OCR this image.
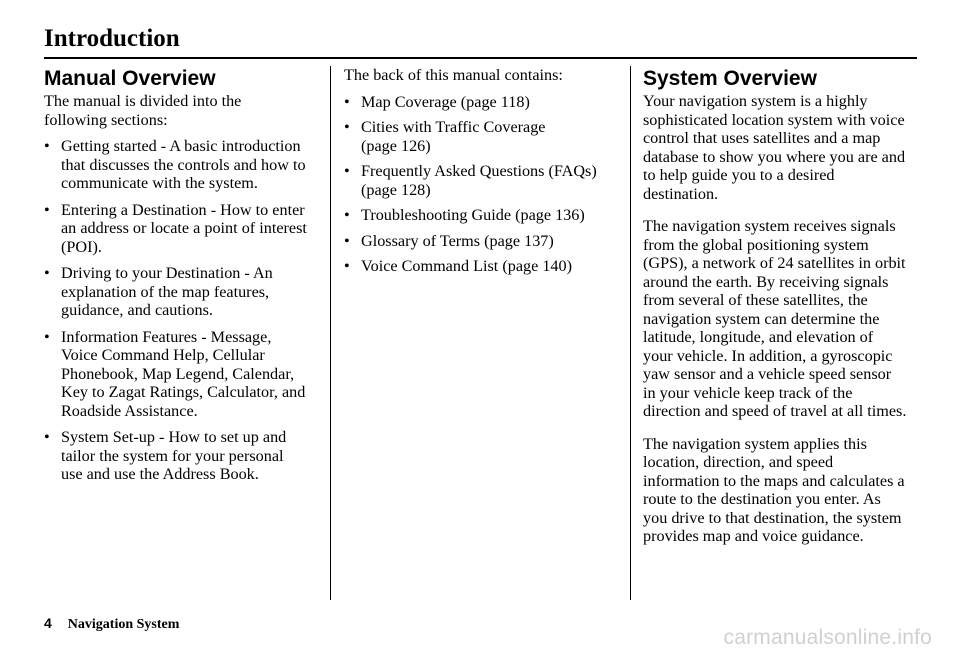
Introduction
Manual Overview
The manual is divided into the
following sections:
• Getting started - A basic introduction
that discusses the controls and how to
communicate with the system.
• Entering a Destination - How to enter
an address or locate a point of interest
(POI).
• Driving to your Destination - An
explanation of the map features,
guidance, and cautions.
• Information Features - Message,
Voice Command Help, Cellular
Phonebook, Map Legend, Calendar,
Key to Zagat Ratings, Calculator, and
Roadside Assistance.
• System Set-up - How to set up and
tailor the system for your personal
use and use the Address Book.
The back of this manual contains:
• Map Coverage (page 118)
• Cities with Traffic Coverage
(page 126)
• Frequently Asked Questions (FAQs)
(page 128)
• Troubleshooting Guide (page 136)
• Glossary of Terms (page 137)
• Voice Command List (page 140)
System Overview
Your navigation system is a highly
sophisticated location system with voice
control that uses satellites and a map
database to show you where you are and
to help guide you to a desired
destination.
The navigation system receives signals
from the global positioning system
(GPS), a network of 24 satellites in orbit
around the earth. By receiving signals
from several of these satellites, the
navigation system can determine the
latitude, longitude, and elevation of
your vehicle. In addition, a gyroscopic
yaw sensor and a vehicle speed sensor
in your vehicle keep track of the
direction and speed of travel at all times.
The navigation system applies this
location, direction, and speed
information to the maps and calculates a
route to the destination you enter. As
you drive to that destination, the system
provides map and voice guidance.
4 Navigation System
carmanualsonline.info
